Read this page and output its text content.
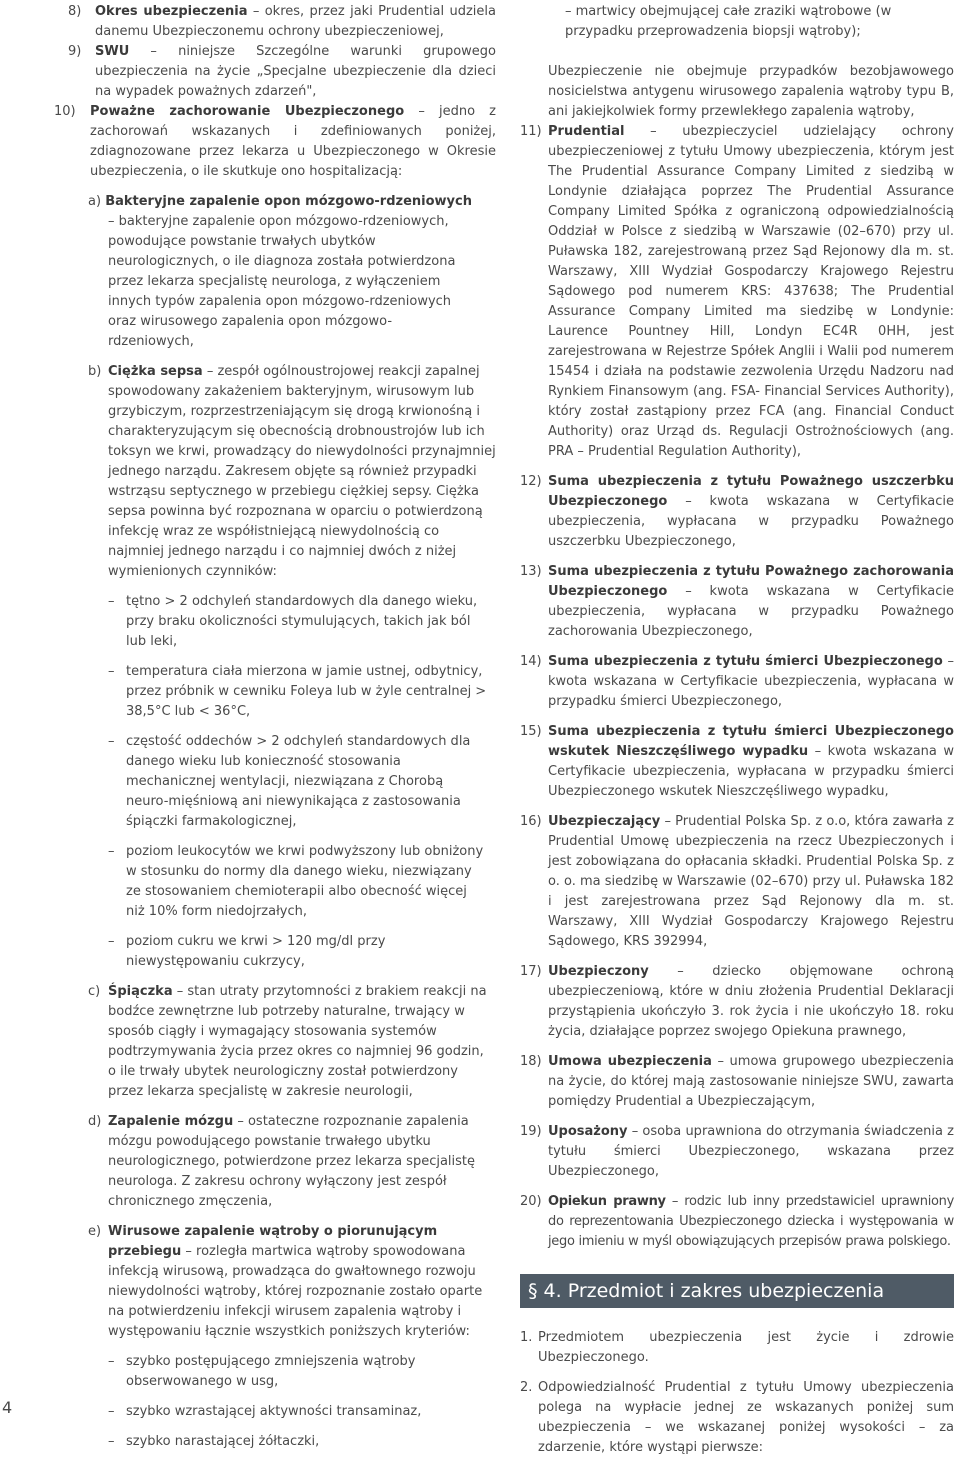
8)	Okres ubezpieczenia – okres, przez jaki Prudential udziela danemu Ubezpieczonemu ochrony ubezpieczeniowej,
9)	SWU – niniejsze Szczególne warunki grupowego ubezpieczenia na życie „Specjalne ubezpieczenie dla dzieci na wypadek poważnych zdarzeń",
10)	Poważne zachorowanie Ubezpieczonego – jedno z zachorowań wskazanych i zdefiniowanych poniżej, zdiagnozowane przez lekarza u Ubezpieczonego w Okresie ubezpieczenia, o ile skutkuje ono hospitalizacją:
a) Bakteryjne zapalenie opon mózgowo-rdzeniowych
– bakteryjne zapalenie opon mózgowo-rdzeniowych, powodujące powstanie trwałych ubytków neurologicznych, o ile diagnoza została potwierdzona przez lekarza specjalistę neurologa, z wyłączeniem innych typów zapalenia opon mózgowo-rdzeniowych oraz wirusowego zapalenia opon mózgowo-rdzeniowych,
b) Ciężka sepsa – zespół ogólnoustrojowej reakcji zapalnej spowodowany zakażeniem bakteryjnym, wirusowym lub grzybiczym, rozprzestrzeniającym się drogą krwionośną i charakteryzującym się obecnością drobnoustrojów lub ich toksyn we krwi, prowadzący do niewydolności przynajmniej jednego narządu. Zakresem objęte są również przypadki wstrząsu septycznego w przebiegu ciężkiej sepsy. Ciężka sepsa powinna być rozpoznana w oparciu o potwierdzoną infekcję wraz ze współistniejącą niewydolnością co najmniej jednego narządu i co najmniej dwóch z niżej wymienionych czynników:
– tętno > 2 odchyleń standardowych dla danego wieku, przy braku okoliczności stymulujących, takich jak ból lub leki,
– temperatura ciała mierzona w jamie ustnej, odbytnicy, przez próbnik w cewniku Foleya lub w żyle centralnej > 38,5°C lub < 36°C,
– częstość oddechów > 2 odchyleń standardowych dla danego wieku lub konieczność stosowania mechanicznej wentylacji, niezwiązana z Chorobą neuro-mięśniową ani niewynikająca z zastosowania śpiączki farmakologicznej,
– poziom leukocytów we krwi podwyższony lub obniżony w stosunku do normy dla danego wieku, niezwiązany ze stosowaniem chemioterapii albo obecność więcej niż 10% form niedojrzałych,
– poziom cukru we krwi > 120 mg/dl przy niewystępowaniu cukrzycy,
c) Śpiączka – stan utraty przytomności z brakiem reakcji na bodźce zewnętrzne lub potrzeby naturalne, trwający w sposób ciągły i wymagający stosowania systemów podtrzymywania życia przez okres co najmniej 96 godzin, o ile trwały ubytek neurologiczny został potwierdzony przez lekarza specjalistę w zakresie neurologii,
d) Zapalenie mózgu – ostateczne rozpoznanie zapalenia mózgu powodującego powstanie trwałego ubytku neurologicznego, potwierdzone przez lekarza specjalistę neurologa. Z zakresu ochrony wyłączony jest zespół chronicznego zmęczenia,
e) Wirusowe zapalenie wątroby o piorunującym przebiegu – rozległa martwica wątroby spowodowana infekcją wirusową, prowadząca do gwałtownego rozwoju niewydolności wątroby, której rozpoznanie zostało oparte na potwierdzeniu infekcji wirusem zapalenia wątroby i występowaniu łącznie wszystkich poniższych kryteriów:
– szybko postępującego zmniejszenia wątroby obserwowanego w usg,
– szybko wzrastającej aktywności transaminaz,
– szybko narastającej żółtaczki,
– martwicy obejmującej całe zraziki wątrobowe (w przypadku przeprowadzenia biopsji wątroby);
Ubezpieczenie nie obejmuje przypadków bezobjawowego nosicielstwa antygenu wirusowego zapalenia wątroby typu B, ani jakiejkolwiek formy przewlekłego zapalenia wątroby,
11) Prudential – ubezpieczyciel udzielający ochrony ubezpieczeniowej z tytułu Umowy ubezpieczenia, którym jest The Prudential Assurance Company Limited z siedzibą w Londynie działająca poprzez The Prudential Assurance Company Limited Spółka z ograniczoną odpowiedzialnością Oddział w Polsce z siedzibą w Warszawie (02–670) przy ul. Puławska 182, zarejestrowaną przez Sąd Rejonowy dla m. st. Warszawy, XIII Wydział Gospodarczy Krajowego Rejestru Sądowego pod numerem KRS: 437638; The Prudential Assurance Company Limited ma siedzibę w Londynie: Laurence Pountney Hill, Londyn EC4R 0HH, jest zarejestrowana w Rejestrze Spółek Anglii i Walii pod numerem 15454 i działa na podstawie zezwolenia Urzędu Nadzoru nad Rynkiem Finansowym (ang. FSA- Financial Services Authority), który został zastąpiony przez FCA (ang. Financial Conduct Authority) oraz Urząd ds. Regulacji Ostrożnościowych (ang. PRA – Prudential Regulation Authority),
12) Suma ubezpieczenia z tytułu Poważnego uszczerbku Ubezpieczonego – kwota wskazana w Certyfikacie ubezpieczenia, wypłacana w przypadku Poważnego uszczerbku Ubezpieczonego,
13) Suma ubezpieczenia z tytułu Poważnego zachorowania Ubezpieczonego – kwota wskazana w Certyfikacie ubezpieczenia, wypłacana w przypadku Poważnego zachorowania Ubezpieczonego,
14) Suma ubezpieczenia z tytułu śmierci Ubezpieczonego – kwota wskazana w Certyfikacie ubezpieczenia, wypłacana w przypadku śmierci Ubezpieczonego,
15) Suma ubezpieczenia z tytułu śmierci Ubezpieczonego wskutek Nieszczęśliwego wypadku – kwota wskazana w Certyfikacie ubezpieczenia, wypłacana w przypadku śmierci Ubezpieczonego wskutek Nieszczęśliwego wypadku,
16) Ubezpieczający – Prudential Polska Sp. z o.o, która zawarła z Prudential Umowę ubezpieczenia na rzecz Ubezpieczonych i jest zobowiązana do opłacania składki. Prudential Polska Sp. z o. o. ma siedzibę w Warszawie (02–670) przy ul. Puławska 182 i jest zarejestrowana przez Sąd Rejonowy dla m. st. Warszawy, XIII Wydział Gospodarczy Krajowego Rejestru Sądowego, KRS 392994,
17) Ubezpieczony – dziecko objęmowane ochroną ubezpieczeniową, które w dniu złożenia Prudential Deklaracji przystąpienia ukończyło 3. rok życia i nie ukończyło 18. roku życia, działające poprzez swojego Opiekuna prawnego,
18) Umowa ubezpieczenia – umowa grupowego ubezpieczenia na życie, do której mają zastosowanie niniejsze SWU, zawarta pomiędzy Prudential a Ubezpieczającym,
19) Uposażony – osoba uprawniona do otrzymania świadczenia z tytułu śmierci Ubezpieczonego, wskazana przez Ubezpieczonego,
20) Opiekun prawny – rodzic lub inny przedstawiciel uprawniony do reprezentowania Ubezpieczonego dziecka i występowania w jego imieniu w myśl obowiązujących przepisów prawa polskiego.
§ 4. Przedmiot i zakres ubezpieczenia
1. Przedmiotem ubezpieczenia jest życie i zdrowie Ubezpieczonego.
2. Odpowiedzialność Prudential z tytułu Umowy ubezpieczenia polega na wypłacie jednej ze wskazanych poniżej sum ubezpieczenia – we wskazanej poniżej wysokości – za zdarzenie, które wystąpi pierwsze:
4
